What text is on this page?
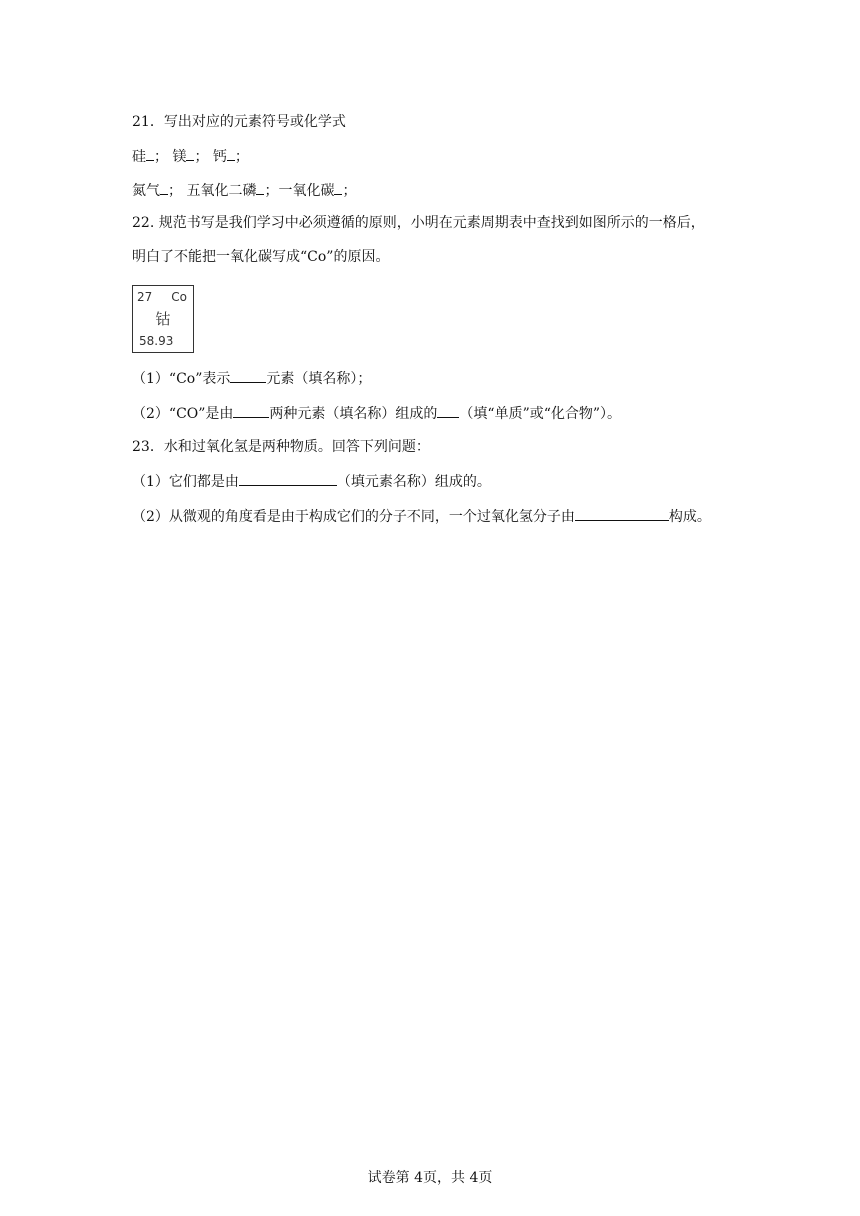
21．写出对应的元素符号或化学式
硅 ； 镁 ； 钙 ；
氮气 ； 五氧化二磷 ；一氧化碳 ；
22. 规范书写是我们学习中必须遵循的原则，小明在元素周期表中查找到如图所示的一格后，
明白了不能把一氧化碳写成“Co”的原因。
27 Co
钴
58.93
（1）“Co”表示	元素（填名称）；
（2）“CO”是由	两种元素（填名称）组成的 （填“单质”或“化合物”）。
23．水和过氧化氢是两种物质。回答下列问题：
（1）它们都是由	（填元素名称）组成的。
（2）从微观的角度看是由于构成它们的分子不同，一个过氧化氢分子由	构成。
试卷第 4页，共 4页
